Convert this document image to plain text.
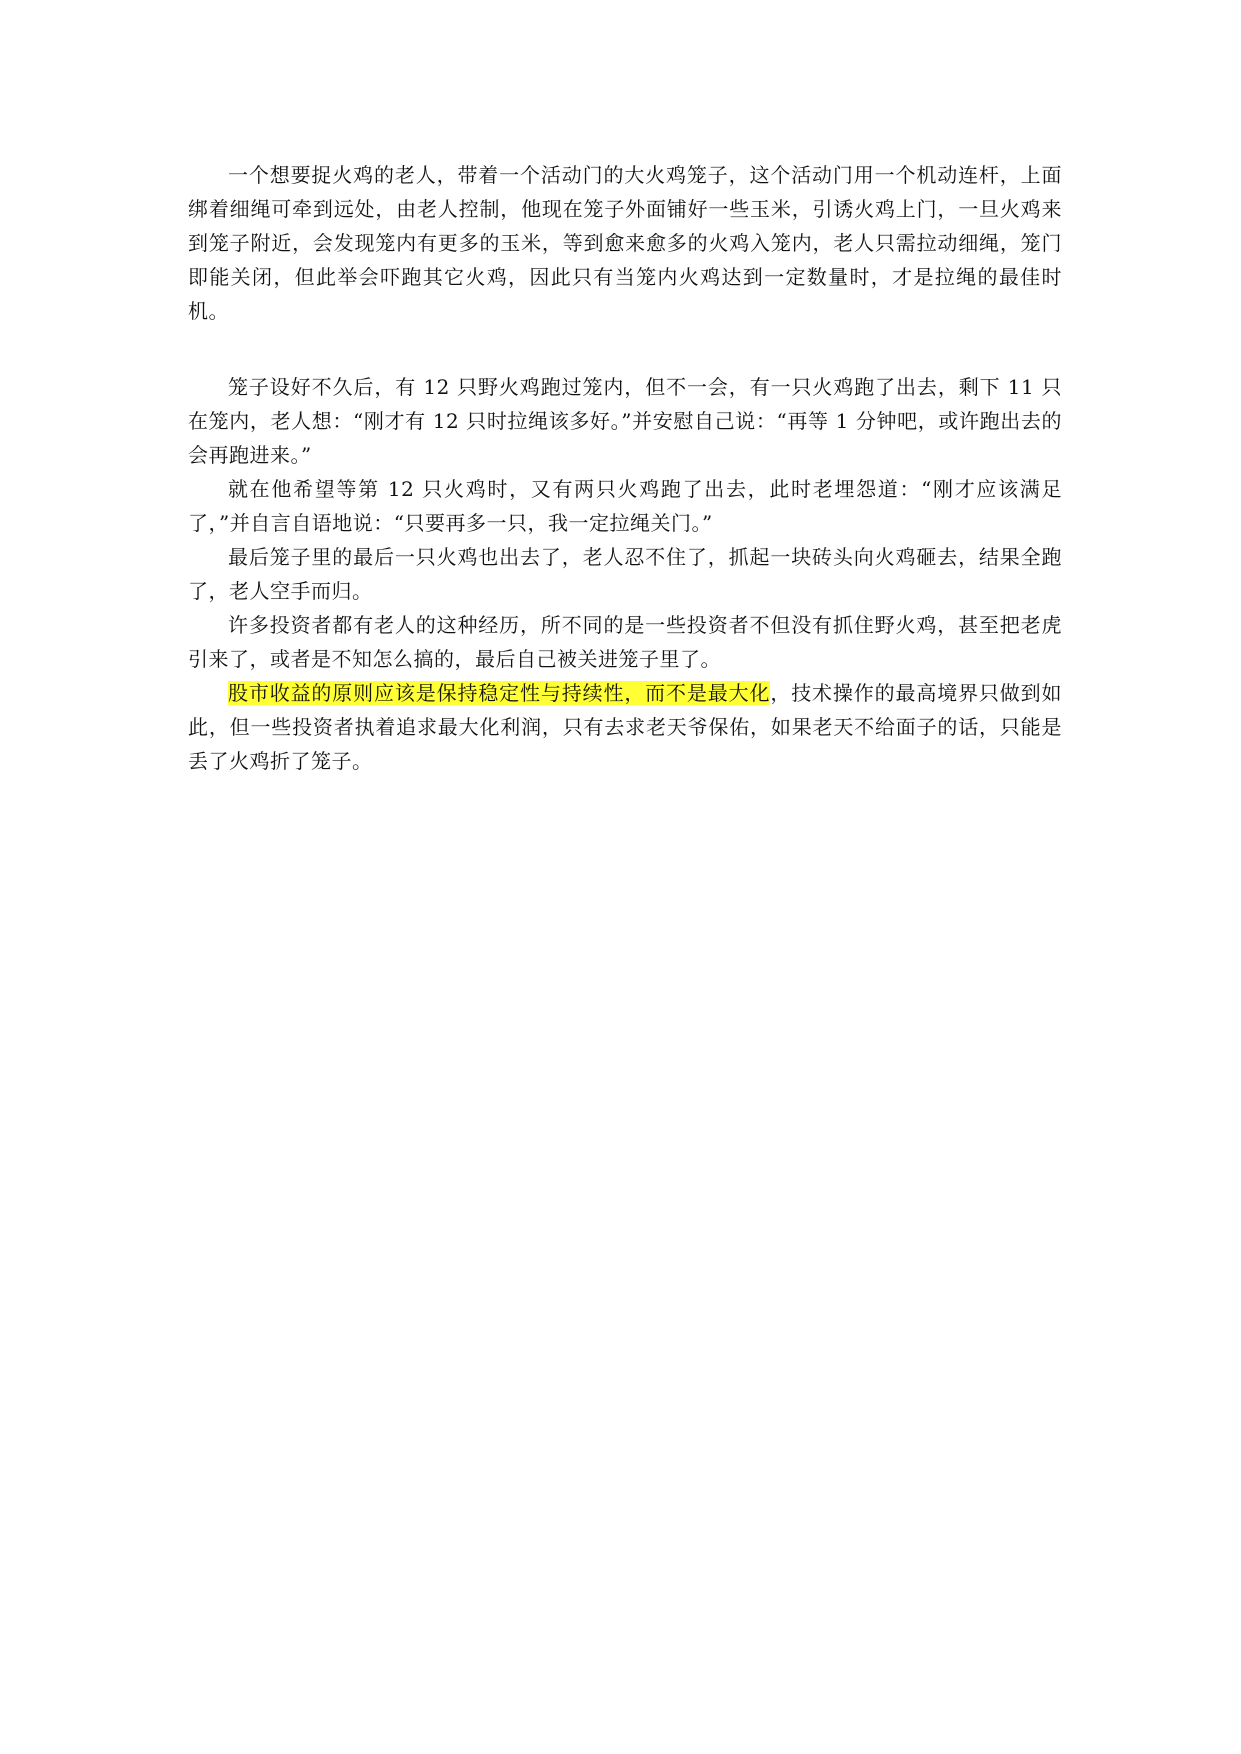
一个想要捉火鸡的老人，带着一个活动门的大火鸡笼子，这个活动门用一个机动连杆，上面绑着细绳可牵到远处，由老人控制，他现在笼子外面铺好一些玉米，引诱火鸡上门，一旦火鸡来到笼子附近，会发现笼内有更多的玉米，等到愈来愈多的火鸡入笼内，老人只需拉动细绳，笼门即能关闭，但此举会吓跑其它火鸡，因此只有当笼内火鸡达到一定数量时，才是拉绳的最佳时机。

笼子设好不久后，有 12 只野火鸡跑过笼内，但不一会，有一只火鸡跑了出去，剩下 11 只在笼内，老人想：“刚才有 12 只时拉绳该多好。”并安慰自己说：“再等 1 分钟吧，或许跑出去的会再跑进来。”

就在他希望等第 12 只火鸡时，又有两只火鸡跑了出去，此时老埋怨道：“刚才应该满足了，”并自言自语地说：“只要再多一只，我一定拉绳关门。”

最后笼子里的最后一只火鸡也出去了，老人忍不住了，抓起一块砖头向火鸡砸去，结果全跑了，老人空手而归。

许多投资者都有老人的这种经历，所不同的是一些投资者不但没有抓住野火鸡，甚至把老虎引来了，或者是不知怎么搞的，最后自己被关进笼子里了。

股市收益的原则应该是保持稳定性与持续性，而不是最大化，技术操作的最高境界只做到如此，但一些投资者执着追求最大化利润，只有去求老天爷保佑，如果老天不给面子的话，只能是丢了火鸡折了笼子。
